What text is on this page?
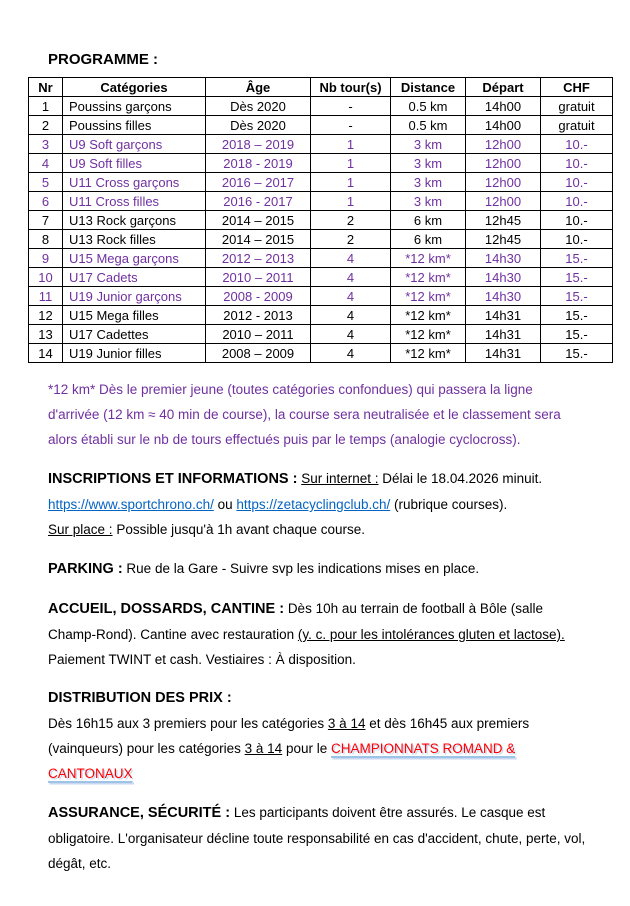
PROGRAMME :
Nr	Catégories	Âge	Nb tour(s)	Distance	Départ	CHF
1	Poussins garçons	Dès 2020	-	0.5 km	14h00	gratuit
2	Poussins filles	Dès 2020	-	0.5 km	14h00	gratuit
3	U9 Soft garçons	2018 – 2019	1	3 km	12h00	10.-
4	U9 Soft filles	2018 - 2019	1	3 km	12h00	10.-
5	U11 Cross garçons	2016 – 2017	1	3 km	12h00	10.-
6	U11 Cross filles	2016 - 2017	1	3 km	12h00	10.-
7	U13 Rock garçons	2014 – 2015	2	6 km	12h45	10.-
8	U13 Rock filles	2014 – 2015	2	6 km	12h45	10.-
9	U15 Mega garçons	2012 – 2013	4	*12 km*	14h30	15.-
10	U17 Cadets	2010 – 2011	4	*12 km*	14h30	15.-
11	U19 Junior garçons	2008 - 2009	4	*12 km*	14h30	15.-
12	U15 Mega filles	2012 - 2013	4	*12 km*	14h31	15.-
13	U17 Cadettes	2010 – 2011	4	*12 km*	14h31	15.-
14	U19 Junior filles	2008 – 2009	4	*12 km*	14h31	15.-

*12 km* Dès le premier jeune (toutes catégories confondues) qui passera la ligne d'arrivée (12 km ≈ 40 min de course), la course sera neutralisée et le classement sera alors établi sur le nb de tours effectués puis par le temps (analogie cyclocross).

INSCRIPTIONS ET INFORMATIONS : Sur internet : Délai le 18.04.2026 minuit.
https://www.sportchrono.ch/ ou https://zetacyclingclub.ch/ (rubrique courses).
Sur place : Possible jusqu'à 1h avant chaque course.

PARKING : Rue de la Gare - Suivre svp les indications mises en place.

ACCUEIL, DOSSARDS, CANTINE : Dès 10h au terrain de football à Bôle (salle Champ-Rond). Cantine avec restauration (y. c. pour les intolérances gluten et lactose). Paiement TWINT et cash. Vestiaires : À disposition.

DISTRIBUTION DES PRIX :
Dès 16h15 aux 3 premiers pour les catégories 3 à 14 et dès 16h45 aux premiers (vainqueurs) pour les catégories 3 à 14 pour le CHAMPIONNATS ROMAND & CANTONAUX

ASSURANCE, SÉCURITÉ : Les participants doivent être assurés. Le casque est obligatoire. L'organisateur décline toute responsabilité en cas d'accident, chute, perte, vol, dégât, etc.
